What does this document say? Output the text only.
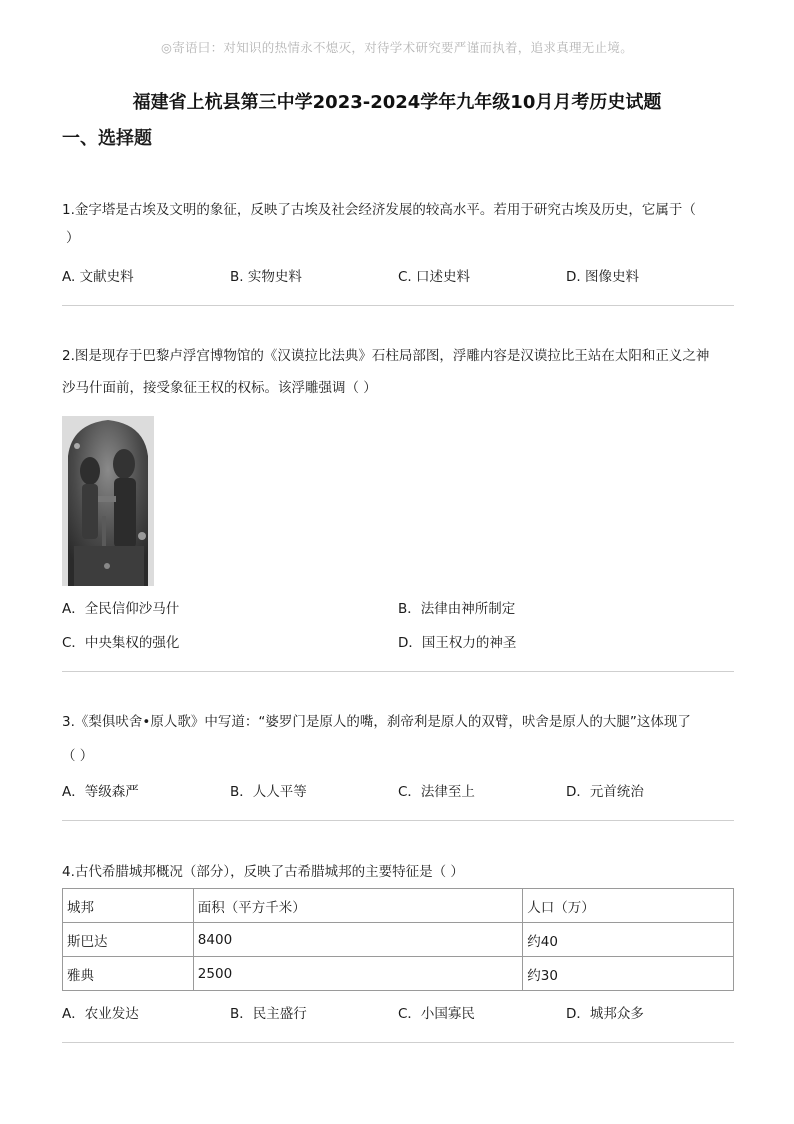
◎寄语曰：对知识的热情永不熄灭，对待学术研究要严谨而执着，追求真理无止境。
福建省上杭县第三中学2023-2024学年九年级10月月考历史试题
一、选择题
1.金字塔是古埃及文明的象征，反映了古埃及社会经济发展的较高水平。若用于研究古埃及历史，它属于（
）
A. 文献史料	B. 实物史料	C. 口述史料	D. 图像史料
2.图是现存于巴黎卢浮宫博物馆的《汉谟拉比法典》石柱局部图，浮雕内容是汉谟拉比王站在太阳和正义之神
沙马什面前，接受象征王权的权标。该浮雕强调（ ）
A．全民信仰沙马什	B．法律由神所制定
C．中央集权的强化	D．国王权力的神圣
3.《梨俱吠舍•原人歌》中写道：“婆罗门是原人的嘴，刹帝利是原人的双臂，吠舍是原人的大腿”这体现了
（ ）
A．等级森严	B．人人平等	C．法律至上	D．元首统治
4.古代希腊城邦概况（部分），反映了古希腊城邦的主要特征是（ ）
城邦	面积（平方千米）	人口（万）
斯巴达	8400	约40
雅典	2500	约30
A．农业发达	B．民主盛行	C．小国寡民	D．城邦众多
